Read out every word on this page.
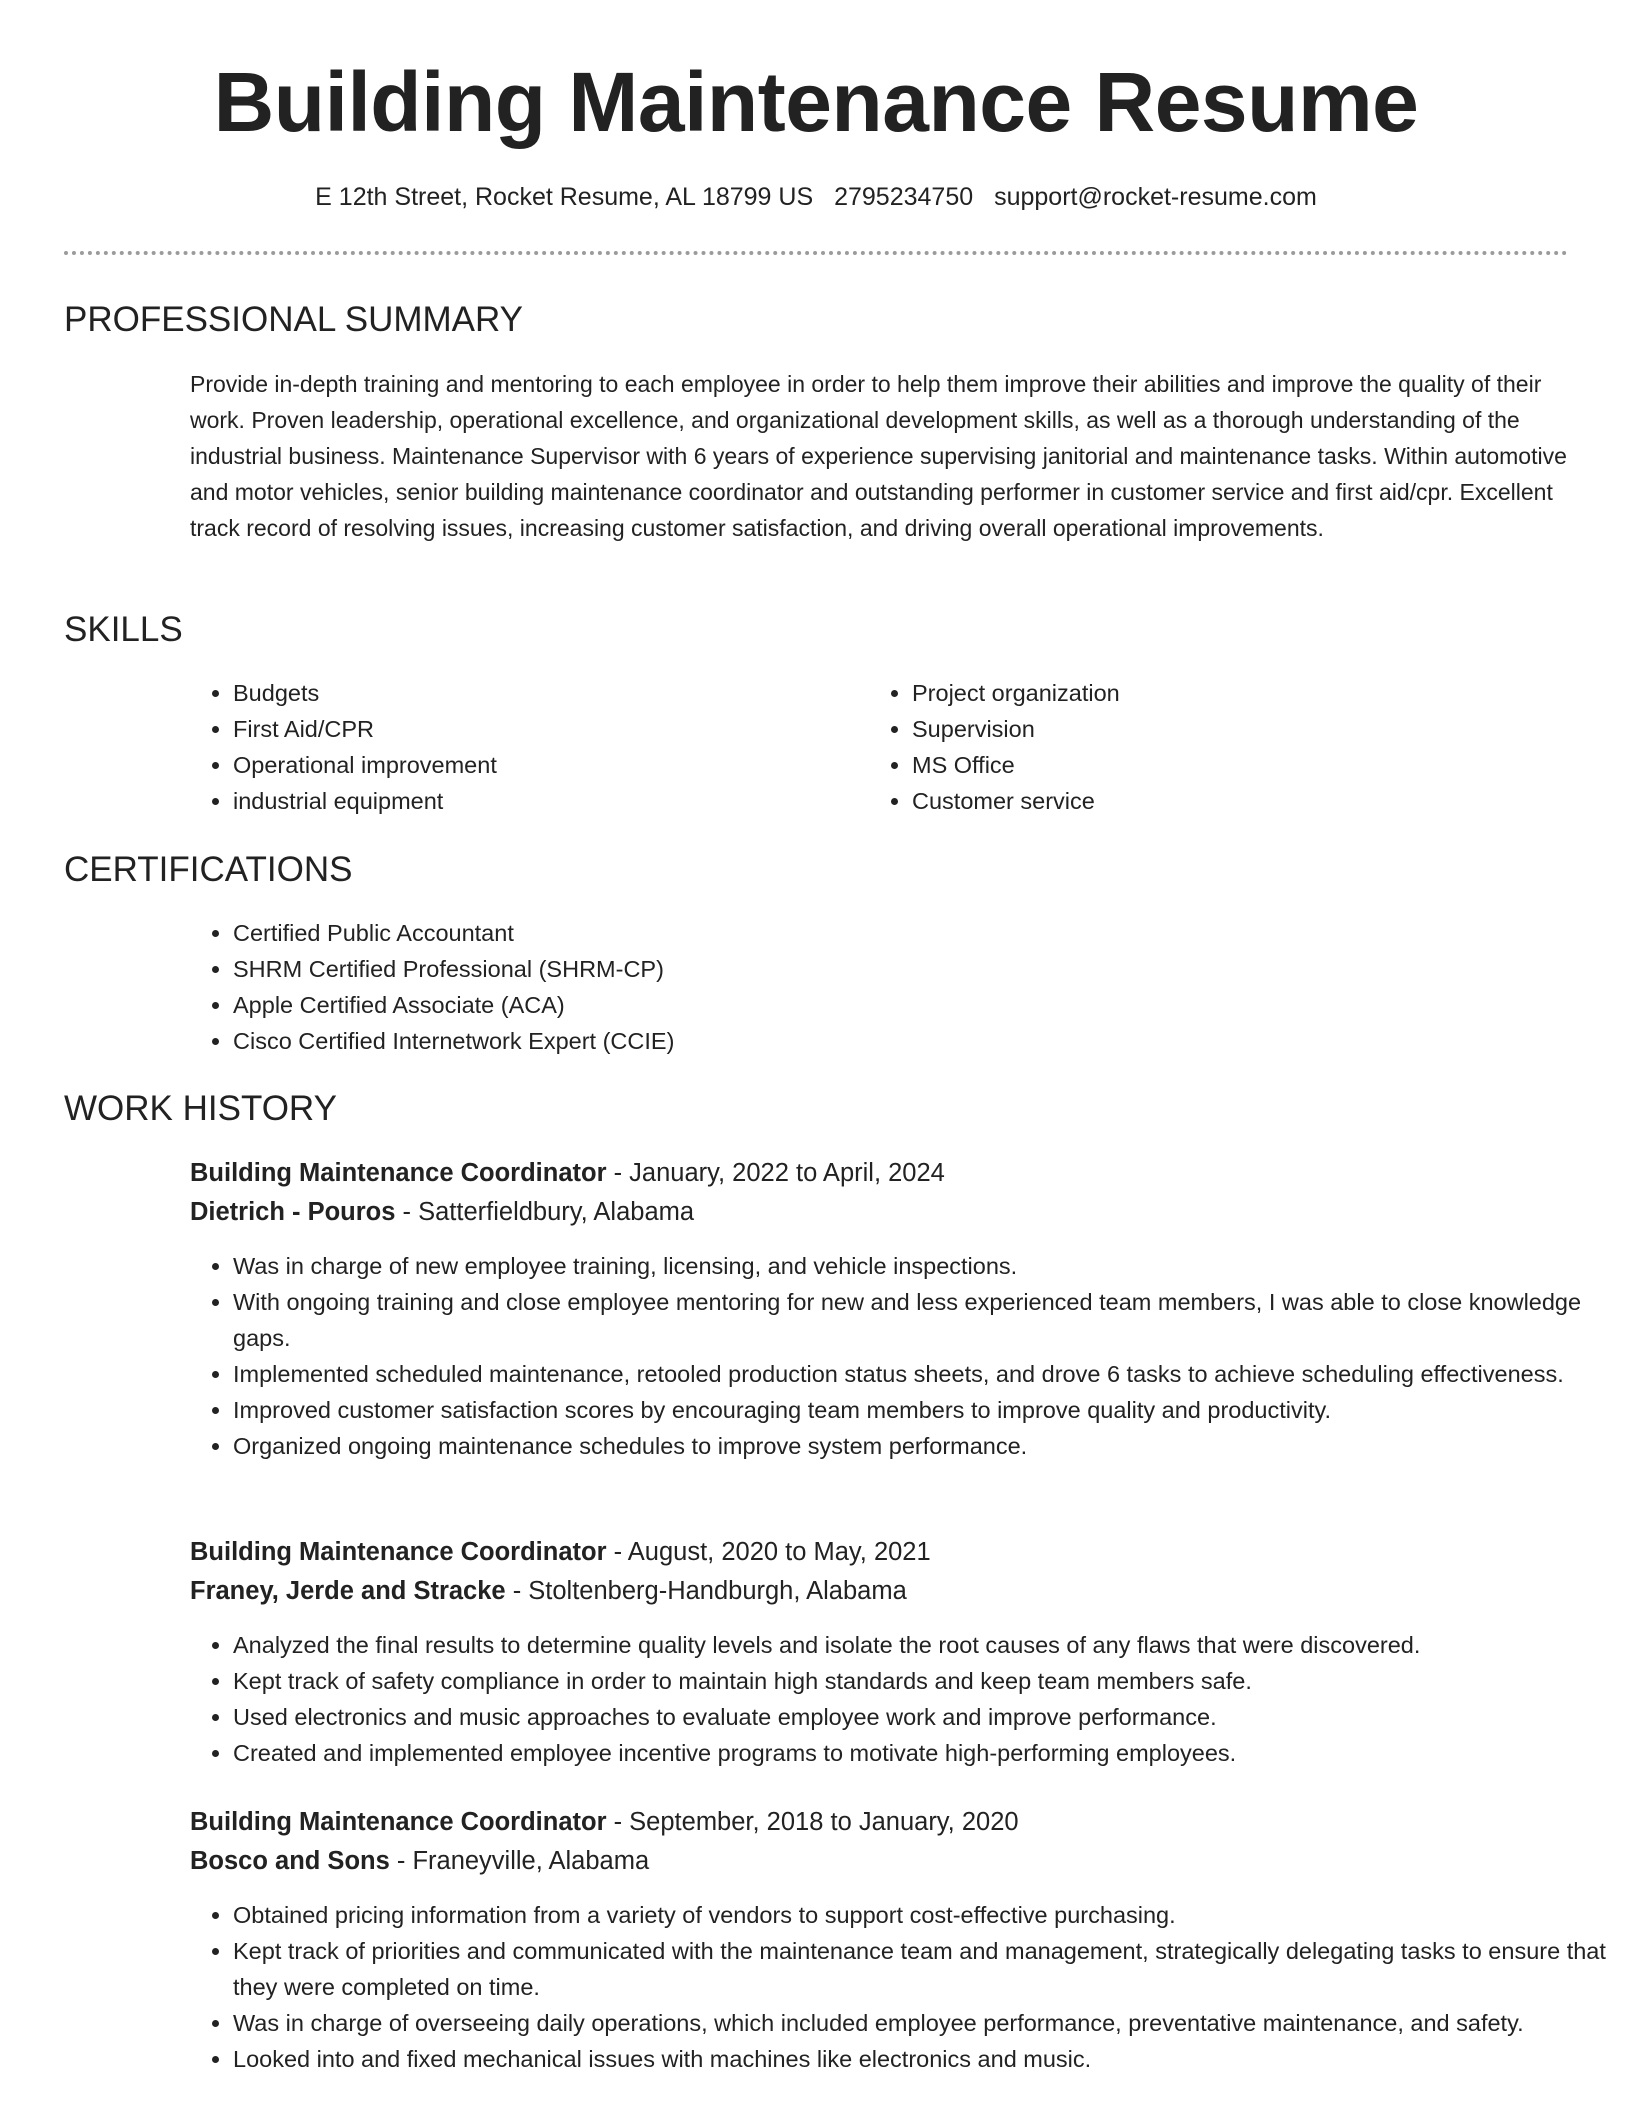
Building Maintenance Resume
E 12th Street, Rocket Resume, AL 18799 US 2795234750 support@rocket-resume.com
PROFESSIONAL SUMMARY

Provide in-depth training and mentoring to each employee in order to help them improve their abilities and improve the quality of their work. Proven leadership, operational excellence, and organizational development skills, as well as a thorough understanding of the industrial business. Maintenance Supervisor with 6 years of experience supervising janitorial and maintenance tasks. Within automotive and motor vehicles, senior building maintenance coordinator and outstanding performer in customer service and first aid/cpr. Excellent track record of resolving issues, increasing customer satisfaction, and driving overall operational improvements.

SKILLS
• Budgets
• First Aid/CPR
• Operational improvement
• industrial equipment
• Project organization
• Supervision
• MS Office
• Customer service
CERTIFICATIONS
• Certified Public Accountant
• SHRM Certified Professional (SHRM-CP)
• Apple Certified Associate (ACA)
• Cisco Certified Internetwork Expert (CCIE)
WORK HISTORY
Building Maintenance Coordinator - January, 2022 to April, 2024
Dietrich - Pouros - Satterfieldbury, Alabama
• Was in charge of new employee training, licensing, and vehicle inspections.
• With ongoing training and close employee mentoring for new and less experienced team members, I was able to close knowledge gaps.
• Implemented scheduled maintenance, retooled production status sheets, and drove 6 tasks to achieve scheduling effectiveness.
• Improved customer satisfaction scores by encouraging team members to improve quality and productivity.
• Organized ongoing maintenance schedules to improve system performance.
Building Maintenance Coordinator - August, 2020 to May, 2021
Franey, Jerde and Stracke - Stoltenberg-Handburgh, Alabama
• Analyzed the final results to determine quality levels and isolate the root causes of any flaws that were discovered.
• Kept track of safety compliance in order to maintain high standards and keep team members safe.
• Used electronics and music approaches to evaluate employee work and improve performance.
• Created and implemented employee incentive programs to motivate high-performing employees.
Building Maintenance Coordinator - September, 2018 to January, 2020
Bosco and Sons - Franeyville, Alabama
• Obtained pricing information from a variety of vendors to support cost-effective purchasing.
• Kept track of priorities and communicated with the maintenance team and management, strategically delegating tasks to ensure that they were completed on time.
• Was in charge of overseeing daily operations, which included employee performance, preventative maintenance, and safety.
• Looked into and fixed mechanical issues with machines like electronics and music.
